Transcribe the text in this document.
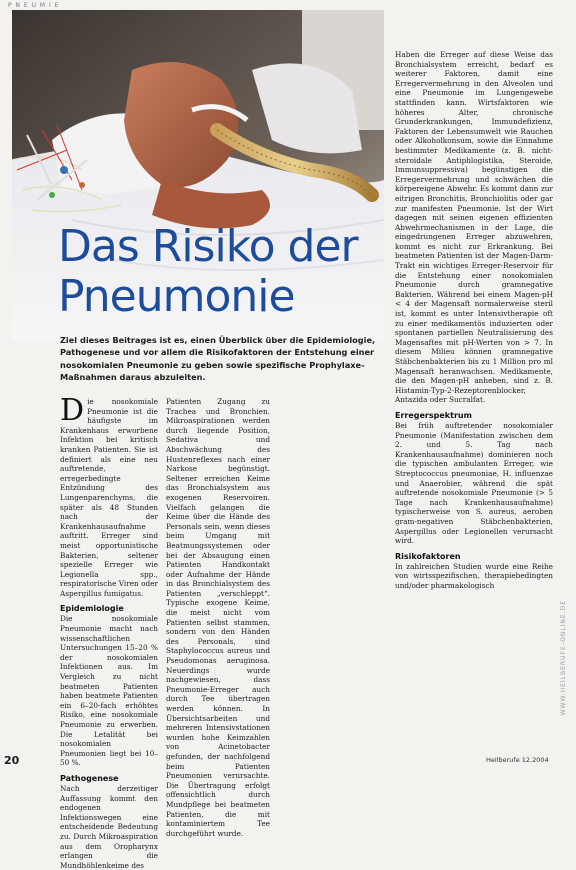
P N E U M I E
Das Risiko der
Pneumonie
Ziel dieses Beitrages ist es, einen Überblick über die Epidemiologie, Pathogenese und vor allem die Risikofaktoren der Entstehung einer nosokomialen Pneumonie zu geben sowie spezifische Prophylaxe-Maßnahmen daraus abzuleiten.

Die nosokomiale Pneumonie ist die häufigste im Krankenhaus erworbene Infektion bei kritisch kranken Patienten. Sie ist definiert als eine neu auftretende, erregerbedingte Entzündung des Lungenparenchyms, die später als 48 Stunden nach der Krankenhausaufnahme auftritt. Erreger sind meist opportunistische Bakterien, seltener spezielle Erreger wie Legionella spp., respiratorische Viren oder Aspergillus fumigatus.

Epidemiologie

Die nosokomiale Pneumonie macht nach wissenschaftlichen Untersuchungen 15–20 % der nosokomialen Infektionen aus. Im Vergleich zu nicht beatmeten Patienten haben beatmete Patienten ein 6–20-fach erhöhtes Risiko, eine nosokomiale Pneumonie zu erwerben. Die Letalität bei nosokomialen Pneumonien liegt bei 10–50 %.

Pathogenese

Nach derzeitiger Auffassung kommt den endogenen Infektionswegen eine entscheidende Bedeutung zu. Durch Mikroaspiration aus dem Oropharynx erlangen die Mundhöhlenkeime des

Patienten Zugang zu Trachea und Bronchien. Mikroaspirationen werden durch liegende Position, Sedativa und Abschwächung des Hustenreflexes nach einer Narkose begünstigt. Seltener erreichen Keime das Bronchialsystem aus exogenen Reservoiren. Vielfach gelangen die Keime über die Hände des Personals sein, wenn dieses beim Umgang mit Beatmungssystemen oder bei der Absaugung einen Patienten Handkontakt oder Aufnahme der Hände in das Bronchialsystem des Patienten „verschleppt“. Typische exogene Keime, die meist nicht vom Patienten selbst stammen, sondern von den Händen des Personals, sind Staphylococcus aureus und Pseudomonas aeruginosa. Neuerdings wurde nachgewiesen, dass Pneumonie-Erreger auch durch Tee übertragen werden können. In Übersichtsarbeiten und mehreren Intensivstationen wurden hohe Keimzahlen von Acinetobacter gefunden, der nachfolgend beim Patienten Pneumonien verursachte. Die Übertragung erfolgt offensichtlich durch Mundpflege bei beatmeten Patienten, die mit kontaminiertem Tee durchgeführt wurde.

Haben die Erreger auf diese Weise das Bronchialsystem erreicht, bedarf es weiterer Faktoren, damit eine Erregervermehrung in den Alveolen und eine Pneumonie im Lungengewebe stattfinden kann. Wirtsfaktoren wie höheres Alter, chronische Grunderkrankungen, Immundefizienz, Faktoren der Lebensumwelt wie Rauchen oder Alkoholkonsum, sowie die Einnahme bestimmter Medikamente (z. B. nicht-steroidale Antiphlogistika, Steroide, Immunsuppressiva) begünstigen die Erregervermehrung und schwächen die körpereigene Abwehr. Es kommt dann zur eitrigen Bronchitis, Bronchiolitis oder gar zur manifesten Pneumonie. Ist der Wirt dagegen mit seinen eigenen effizienten Abwehrmechanismen in der Lage, die eingedrungenen Erreger abzuwehren, kommt es nicht zur Erkrankung. Bei beatmeten Patienten ist der Magen-Darm-Trakt ein wichtiges Erreger-Reservoir für die Entstehung einer nosokomialen Pneumonie durch gramnegative Bakterien. Während bei einem Magen-pH < 4 der Magensaft normalerweise steril ist, kommt es unter Intensivtherapie oft zu einer medikamentös induzierten oder spontanen partiellen Neutralisierung des Magensaftes mit pH-Werten von > 7. In diesem Milieu können gramnegative Stäbchenbakterien bis zu 1 Million pro ml Magensaft heranwachsen. Medikamente, die den Magen-pH anheben, sind z. B. Histamin-Typ-2-Rezeptorenblocker, Antazida oder Sucralfat.

Erregerspektrum

Bei früh auftretender nosokomialer Pneumonie (Manifestation zwischen dem 2. und 5. Tag nach Krankenhausaufnahme) dominieren noch die typischen ambulanten Erreger, wie Streptococcus pneumoniae, H. influenzae und Anaerobier, während die spät auftretende nosokomiale Pneumonie (> 5 Tage nach Krankenhausaufnahme) typischerweise von S. aureus, aeroben gram-negativen Stäbchenbakterien, Aspergillus oder Legionellen verursacht wird.

Risikofaktoren

In zahlreichen Studien wurde eine Reihe von wirtsspezifischen, therapiebedingten und/oder pharmakologisch

20	Heilberufe 12.2004
WWW.HEILBERUFE-ONLINE.DE
